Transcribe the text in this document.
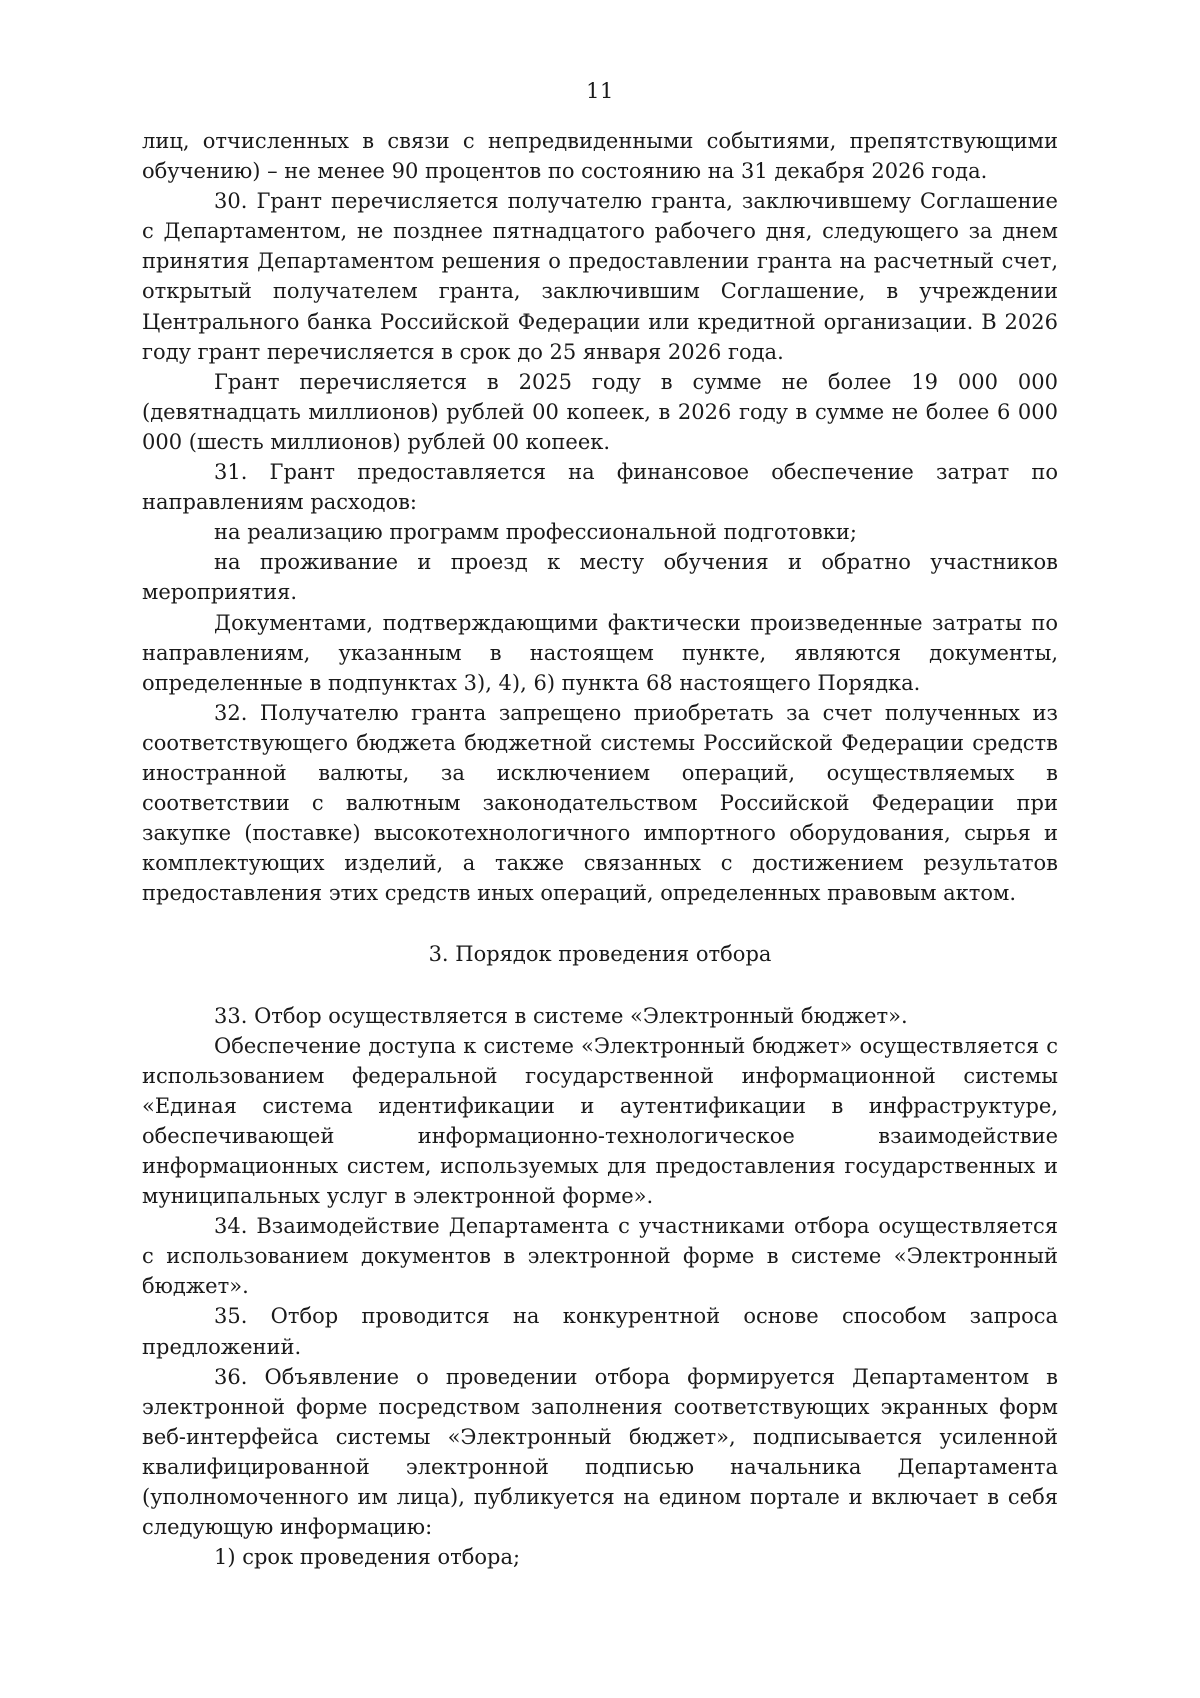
11

лиц, отчисленных в связи с непредвиденными событиями, препятствующими обучению) – не менее 90 процентов по состоянию на 31 декабря 2026 года.

30. Грант перечисляется получателю гранта, заключившему Соглашение с Департаментом, не позднее пятнадцатого рабочего дня, следующего за днем принятия Департаментом решения о предоставлении гранта на расчетный счет, открытый получателем гранта, заключившим Соглашение, в учреждении Центрального банка Российской Федерации или кредитной организации. В 2026 году грант перечисляется в срок до 25 января 2026 года.

Грант перечисляется в 2025 году в сумме не более 19 000 000 (девятнадцать миллионов) рублей 00 копеек, в 2026 году в сумме не более 6 000 000 (шесть миллионов) рублей 00 копеек.

31. Грант предоставляется на финансовое обеспечение затрат по направлениям расходов:

на реализацию программ профессиональной подготовки;

на проживание и проезд к месту обучения и обратно участников мероприятия.

Документами, подтверждающими фактически произведенные затраты по направлениям, указанным в настоящем пункте, являются документы, определенные в подпунктах 3), 4), 6) пункта 68 настоящего Порядка.

32. Получателю гранта запрещено приобретать за счет полученных из соответствующего бюджета бюджетной системы Российской Федерации средств иностранной валюты, за исключением операций, осуществляемых в соответствии с валютным законодательством Российской Федерации при закупке (поставке) высокотехнологичного импортного оборудования, сырья и комплектующих изделий, а также связанных с достижением результатов предоставления этих средств иных операций, определенных правовым актом.

3. Порядок проведения отбора

33. Отбор осуществляется в системе «Электронный бюджет».

Обеспечение доступа к системе «Электронный бюджет» осуществляется с использованием федеральной государственной информационной системы «Единая система идентификации и аутентификации в инфраструктуре, обеспечивающей информационно-технологическое взаимодействие информационных систем, используемых для предоставления государственных и муниципальных услуг в электронной форме».

34. Взаимодействие Департамента с участниками отбора осуществляется с использованием документов в электронной форме в системе «Электронный бюджет».

35. Отбор проводится на конкурентной основе способом запроса предложений.

36. Объявление о проведении отбора формируется Департаментом в электронной форме посредством заполнения соответствующих экранных форм веб-интерфейса системы «Электронный бюджет», подписывается усиленной квалифицированной электронной подписью начальника Департамента (уполномоченного им лица), публикуется на едином портале и включает в себя следующую информацию:

1) срок проведения отбора;
